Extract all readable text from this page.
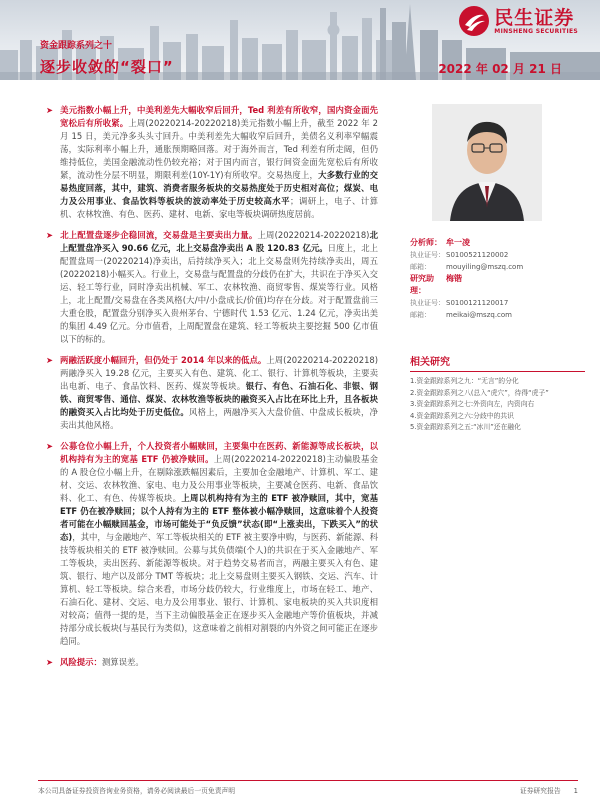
民生证券
MINSHENG SECURITIES
资金跟踪系列之十
逐步收敛的“裂口”	2022 年 02 月 21 日

➤ 美元指数小幅上升，中美利差先大幅收窄后回升，Ted 利差有所收窄，国内资金面先宽松后有所收紧。上周(20220214-20220218)美元指数小幅上升，截至 2022 年 2 月 15 日，美元净多头头寸回升。中美利差先大幅收窄后回升，美债名义利率窄幅震荡，实际利率小幅上升，通胀预期略回落。对于海外而言，Ted 利差有所走阔，但仍维持低位，美国金融流动性仍较充裕；对于国内而言，银行间资金面先宽松后有所收紧，流动性分层不明显，期限利差(10Y-1Y)有所收窄。交易热度上，大多数行业的交易热度回落，其中，建筑、消费者服务板块的交易热度处于历史相对高位；煤炭、电力及公用事业、食品饮料等板块的波动率处于历史较高水平；调研上，电子、计算机、农林牧渔、有色、医药、建材、电新、家电等板块调研热度居前。

➤ 北上配置盘逐步企稳回流，交易盘是主要卖出力量。上周(20220214-20220218)北上配置盘净买入 90.66 亿元，北上交易盘净卖出 A 股 120.83 亿元。日度上，北上配置盘周一(20220214)净卖出，后持续净买入；北上交易盘则先持续净卖出，周五(20220218)小幅买入。行业上，交易盘与配置盘的分歧仍在扩大，共识在于净买入交运、轻工等行业，同时净卖出机械、军工、农林牧渔、商贸零售、煤炭等行业。风格上，北上配置/交易盘在各类风格(大/中/小盘成长/价值)均存在分歧。对于配置盘前三大重仓股，配置盘分别净买入贵州茅台、宁德时代 1.53 亿元、1.24 亿元，净卖出美的集团 4.49 亿元。分市值看，上周配置盘在建筑、轻工等板块主要挖掘 500 亿市值以下的标的。

➤ 两融活跃度小幅回升，但仍处于 2014 年以来的低点。上周(20220214-20220218)两融净买入 19.28 亿元，主要买入有色、建筑、化工、银行、计算机等板块，主要卖出电新、电子、食品饮料、医药、煤炭等板块。银行、有色、石油石化、非银、钢铁、商贸零售、通信、煤炭、农林牧渔等板块的融资买入占比在环比上升，且各板块的融资买入占比均处于历史低位。风格上，两融净买入大盘价值、中盘成长板块，净卖出其他风格。

➤ 公募仓位小幅上升，个人投资者小幅赎回，主要集中在医药、新能源等成长板块，以机构持有为主的宽基 ETF 仍被净赎回。上周(20220214-20220218)主动偏股基金的 A 股仓位小幅上升，在剔除涨跌幅因素后，主要加仓金融地产、计算机、军工、建材、交运、农林牧渔、家电、电力及公用事业等板块，主要减仓医药、电新、食品饮料、化工、有色、传媒等板块。上周以机构持有为主的 ETF 被净赎回，其中，宽基 ETF 仍在被净赎回；以个人持有为主的 ETF 整体被小幅净赎回，这意味着个人投资者可能在小幅赎回基金，市场可能处于“负反馈”状态(即“上涨卖出，下跌买入”的状态)，其中，与金融地产、军工等板块相关的 ETF 被主要净申购，与医药、新能源、科技等板块相关的 ETF 被净赎回。公募与其负债端(个人)的共识在于买入金融地产、军工等板块，卖出医药、新能源等板块。对于趋势交易者而言，两融主要买入有色、建筑、银行、地产以及部分 TMT 等板块；北上交易盘则主要买入钢铁、交运、汽车、计算机、轻工等板块。综合来看，市场分歧仍较大，行业维度上，市场在轻工、地产、石油石化、建材、交运、电力及公用事业、银行、计算机、家电板块的买入共识度相对较高；值得一提的是，当下主动偏股基金正在逐步买入金融地产等价值板块，并减持部分成长板块(与基民行为类似)，这意味着之前相对割裂的内外资之间可能正在逐步趋同。

➤ 风险提示：测算误差。

分析师： 牟一凌
执业证号： S0100521120002
邮箱：	mouyiling@mszq.com
研究助理：
梅锴
执业证号： S0100121120017
邮箱：	meikai@mszq.com
相关研究
1.资金跟踪系列之九：“无言”的分化
2.资金跟踪系列之八(总入“虎穴”，待得“虎子”
3.资金跟踪系列之七:外资向左，内资向右
4.资金跟踪系列之六:分歧中的共识
5.资金跟踪系列之五:“冰川”还在融化
本公司具备证券投资咨询业务资格，请务必阅读最后一页免责声明	证券研究报告 1
